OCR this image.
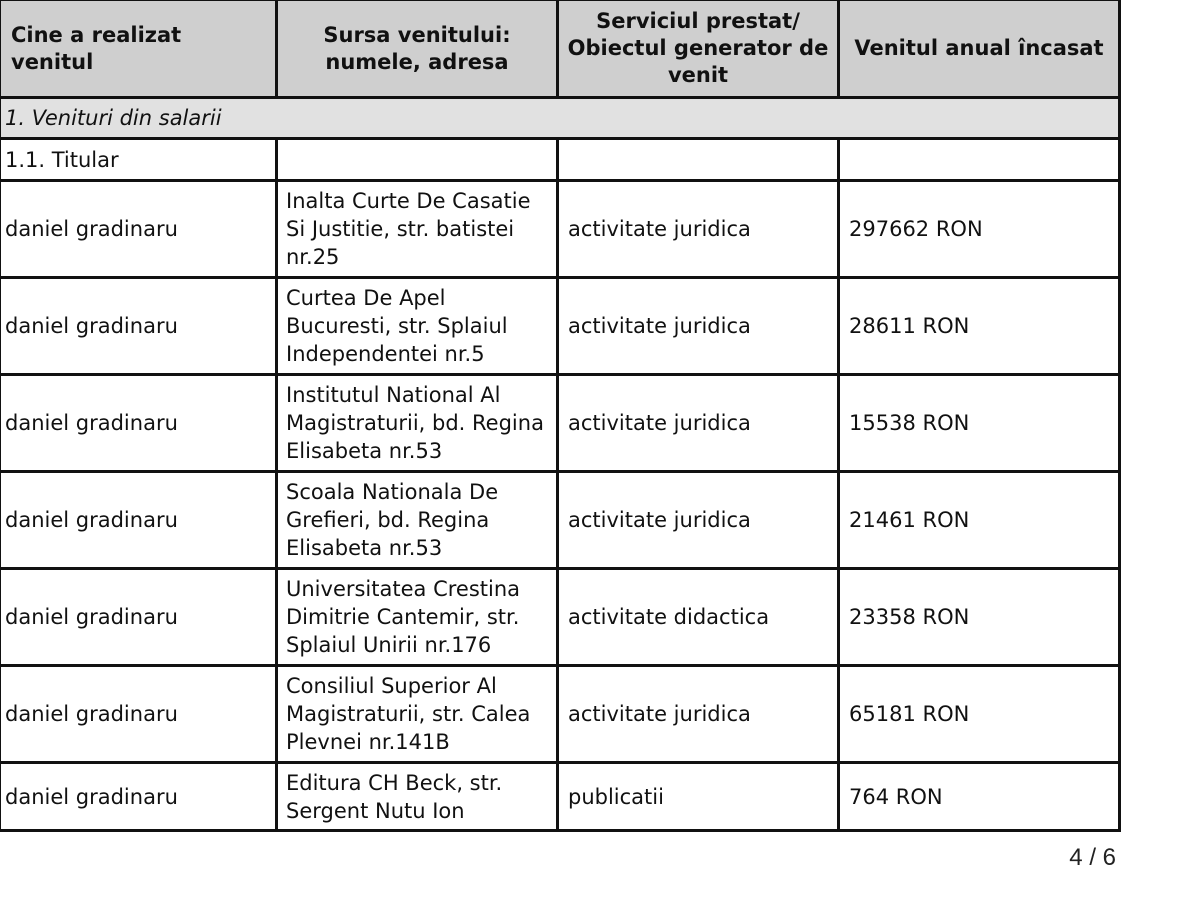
Cine a realizat venitul	Sursa venitului: numele, adresa	Serviciul prestat/ Obiectul generator de venit	Venitul anual încasat
1. Venituri din salarii			
1.1. Titular			
daniel gradinaru	Inalta Curte De Casatie Si Justitie, str. batistei nr.25	activitate juridica	297662 RON
daniel gradinaru	Curtea De Apel Bucuresti, str. Splaiul Independentei nr.5	activitate juridica	28611 RON
daniel gradinaru	Institutul National Al Magistraturii, bd. Regina Elisabeta nr.53	activitate juridica	15538 RON
daniel gradinaru	Scoala Nationala De Grefieri, bd. Regina Elisabeta nr.53	activitate juridica	21461 RON
daniel gradinaru	Universitatea Crestina Dimitrie Cantemir, str. Splaiul Unirii nr.176	activitate didactica	23358 RON
daniel gradinaru	Consiliul Superior Al Magistraturii, str. Calea Plevnei nr.141B	activitate juridica	65181 RON
daniel gradinaru	Editura CH Beck, str. Sergent Nutu Ion	publicatii	764 RON
4 / 6
